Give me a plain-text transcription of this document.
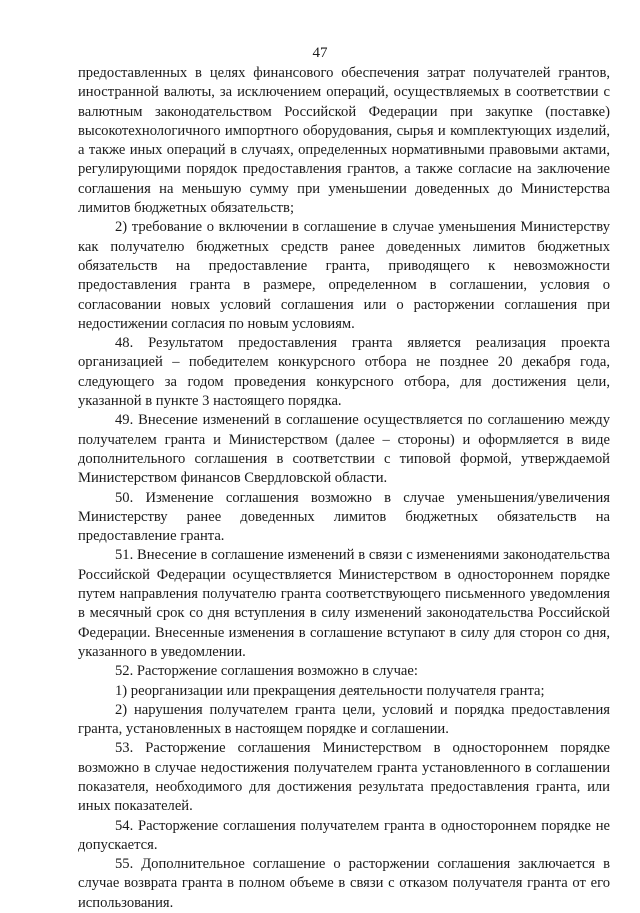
47

предоставленных в целях финансового обеспечения затрат получателей грантов, иностранной валюты, за исключением операций, осуществляемых в соответствии с валютным законодательством Российской Федерации при закупке (поставке) высокотехнологичного импортного оборудования, сырья и комплектующих изделий, а также иных операций в случаях, определенных нормативными правовыми актами, регулирующими порядок предоставления грантов, а также согласие на заключение соглашения на меньшую сумму при уменьшении доведенных до Министерства лимитов бюджетных обязательств;

2) требование о включении в соглашение в случае уменьшения Министерству как получателю бюджетных средств ранее доведенных лимитов бюджетных обязательств на предоставление гранта, приводящего к невозможности предоставления гранта в размере, определенном в соглашении, условия о согласовании новых условий соглашения или о расторжении соглашения при недостижении согласия по новым условиям.

48. Результатом предоставления гранта является реализация проекта организацией – победителем конкурсного отбора не позднее 20 декабря года, следующего за годом проведения конкурсного отбора, для достижения цели, указанной в пункте 3 настоящего порядка.

49. Внесение изменений в соглашение осуществляется по соглашению между получателем гранта и Министерством (далее – стороны) и оформляется в виде дополнительного соглашения в соответствии с типовой формой, утверждаемой Министерством финансов Свердловской области.

50. Изменение соглашения возможно в случае уменьшения/увеличения Министерству ранее доведенных лимитов бюджетных обязательств на предоставление гранта.

51. Внесение в соглашение изменений в связи с изменениями законодательства Российской Федерации осуществляется Министерством в одностороннем порядке путем направления получателю гранта соответствующего письменного уведомления в месячный срок со дня вступления в силу изменений законодательства Российской Федерации. Внесенные изменения в соглашение вступают в силу для сторон со дня, указанного в уведомлении.

52. Расторжение соглашения возможно в случае:

1) реорганизации или прекращения деятельности получателя гранта;

2) нарушения получателем гранта цели, условий и порядка предоставления гранта, установленных в настоящем порядке и соглашении.

53. Расторжение соглашения Министерством в одностороннем порядке возможно в случае недостижения получателем гранта установленного в соглашении показателя, необходимого для достижения результата предоставления гранта, или иных показателей.

54. Расторжение соглашения получателем гранта в одностороннем порядке не допускается.

55. Дополнительное соглашение о расторжении соглашения заключается в случае возврата гранта в полном объеме в связи с отказом получателя гранта от его использования.
